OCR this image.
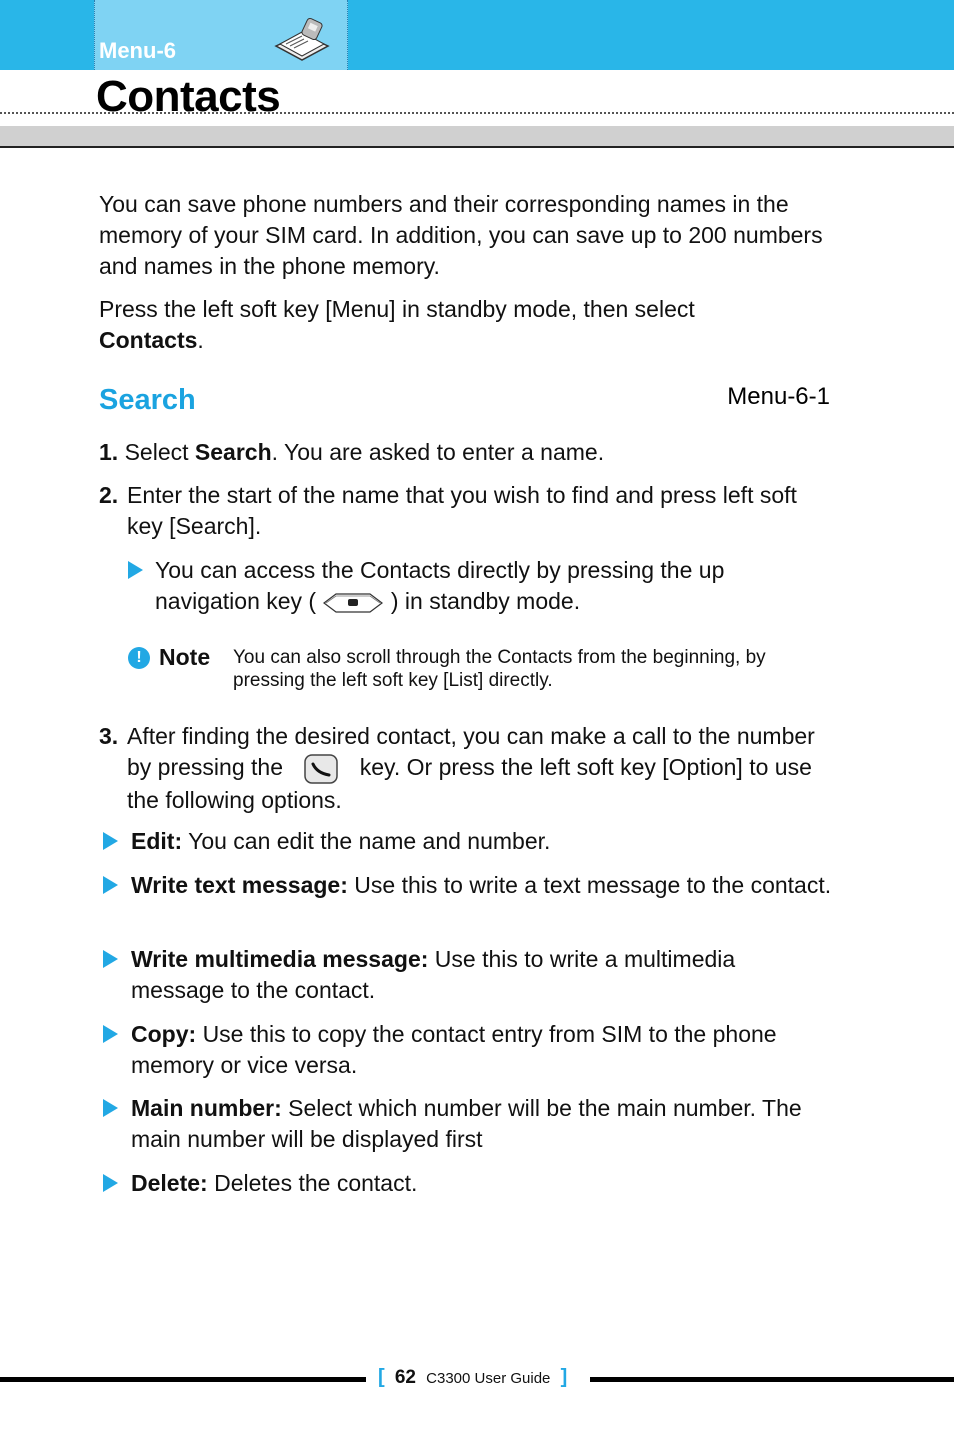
Menu-6
Contacts
You can save phone numbers and their corresponding names in the memory of your SIM card. In addition, you can save up to 200 numbers and names in the phone memory.
Press the left soft key [Menu] in standby mode, then select
Contacts.
Search	Menu-6-1
1. Select Search. You are asked to enter a name.
2. Enter the start of the name that you wish to find and press left soft key [Search].
You can access the Contacts directly by pressing the up navigation key (	) in standby mode.
! Note You can also scroll through the Contacts from the beginning, by pressing the left soft key [List] directly.
3. After finding the desired contact, you can make a call to the number by pressing the	key. Or press the left soft key [Option] to use the following options.
Edit: You can edit the name and number.
Write text message: Use this to write a text message to the contact.
Write multimedia message: Use this to write a multimedia message to the contact.
Copy: Use this to copy the contact entry from SIM to the phone memory or vice versa.
Main number: Select which number will be the main number. The main number will be displayed first
Delete: Deletes the contact.
[ 62 C3300 User Guide ]
